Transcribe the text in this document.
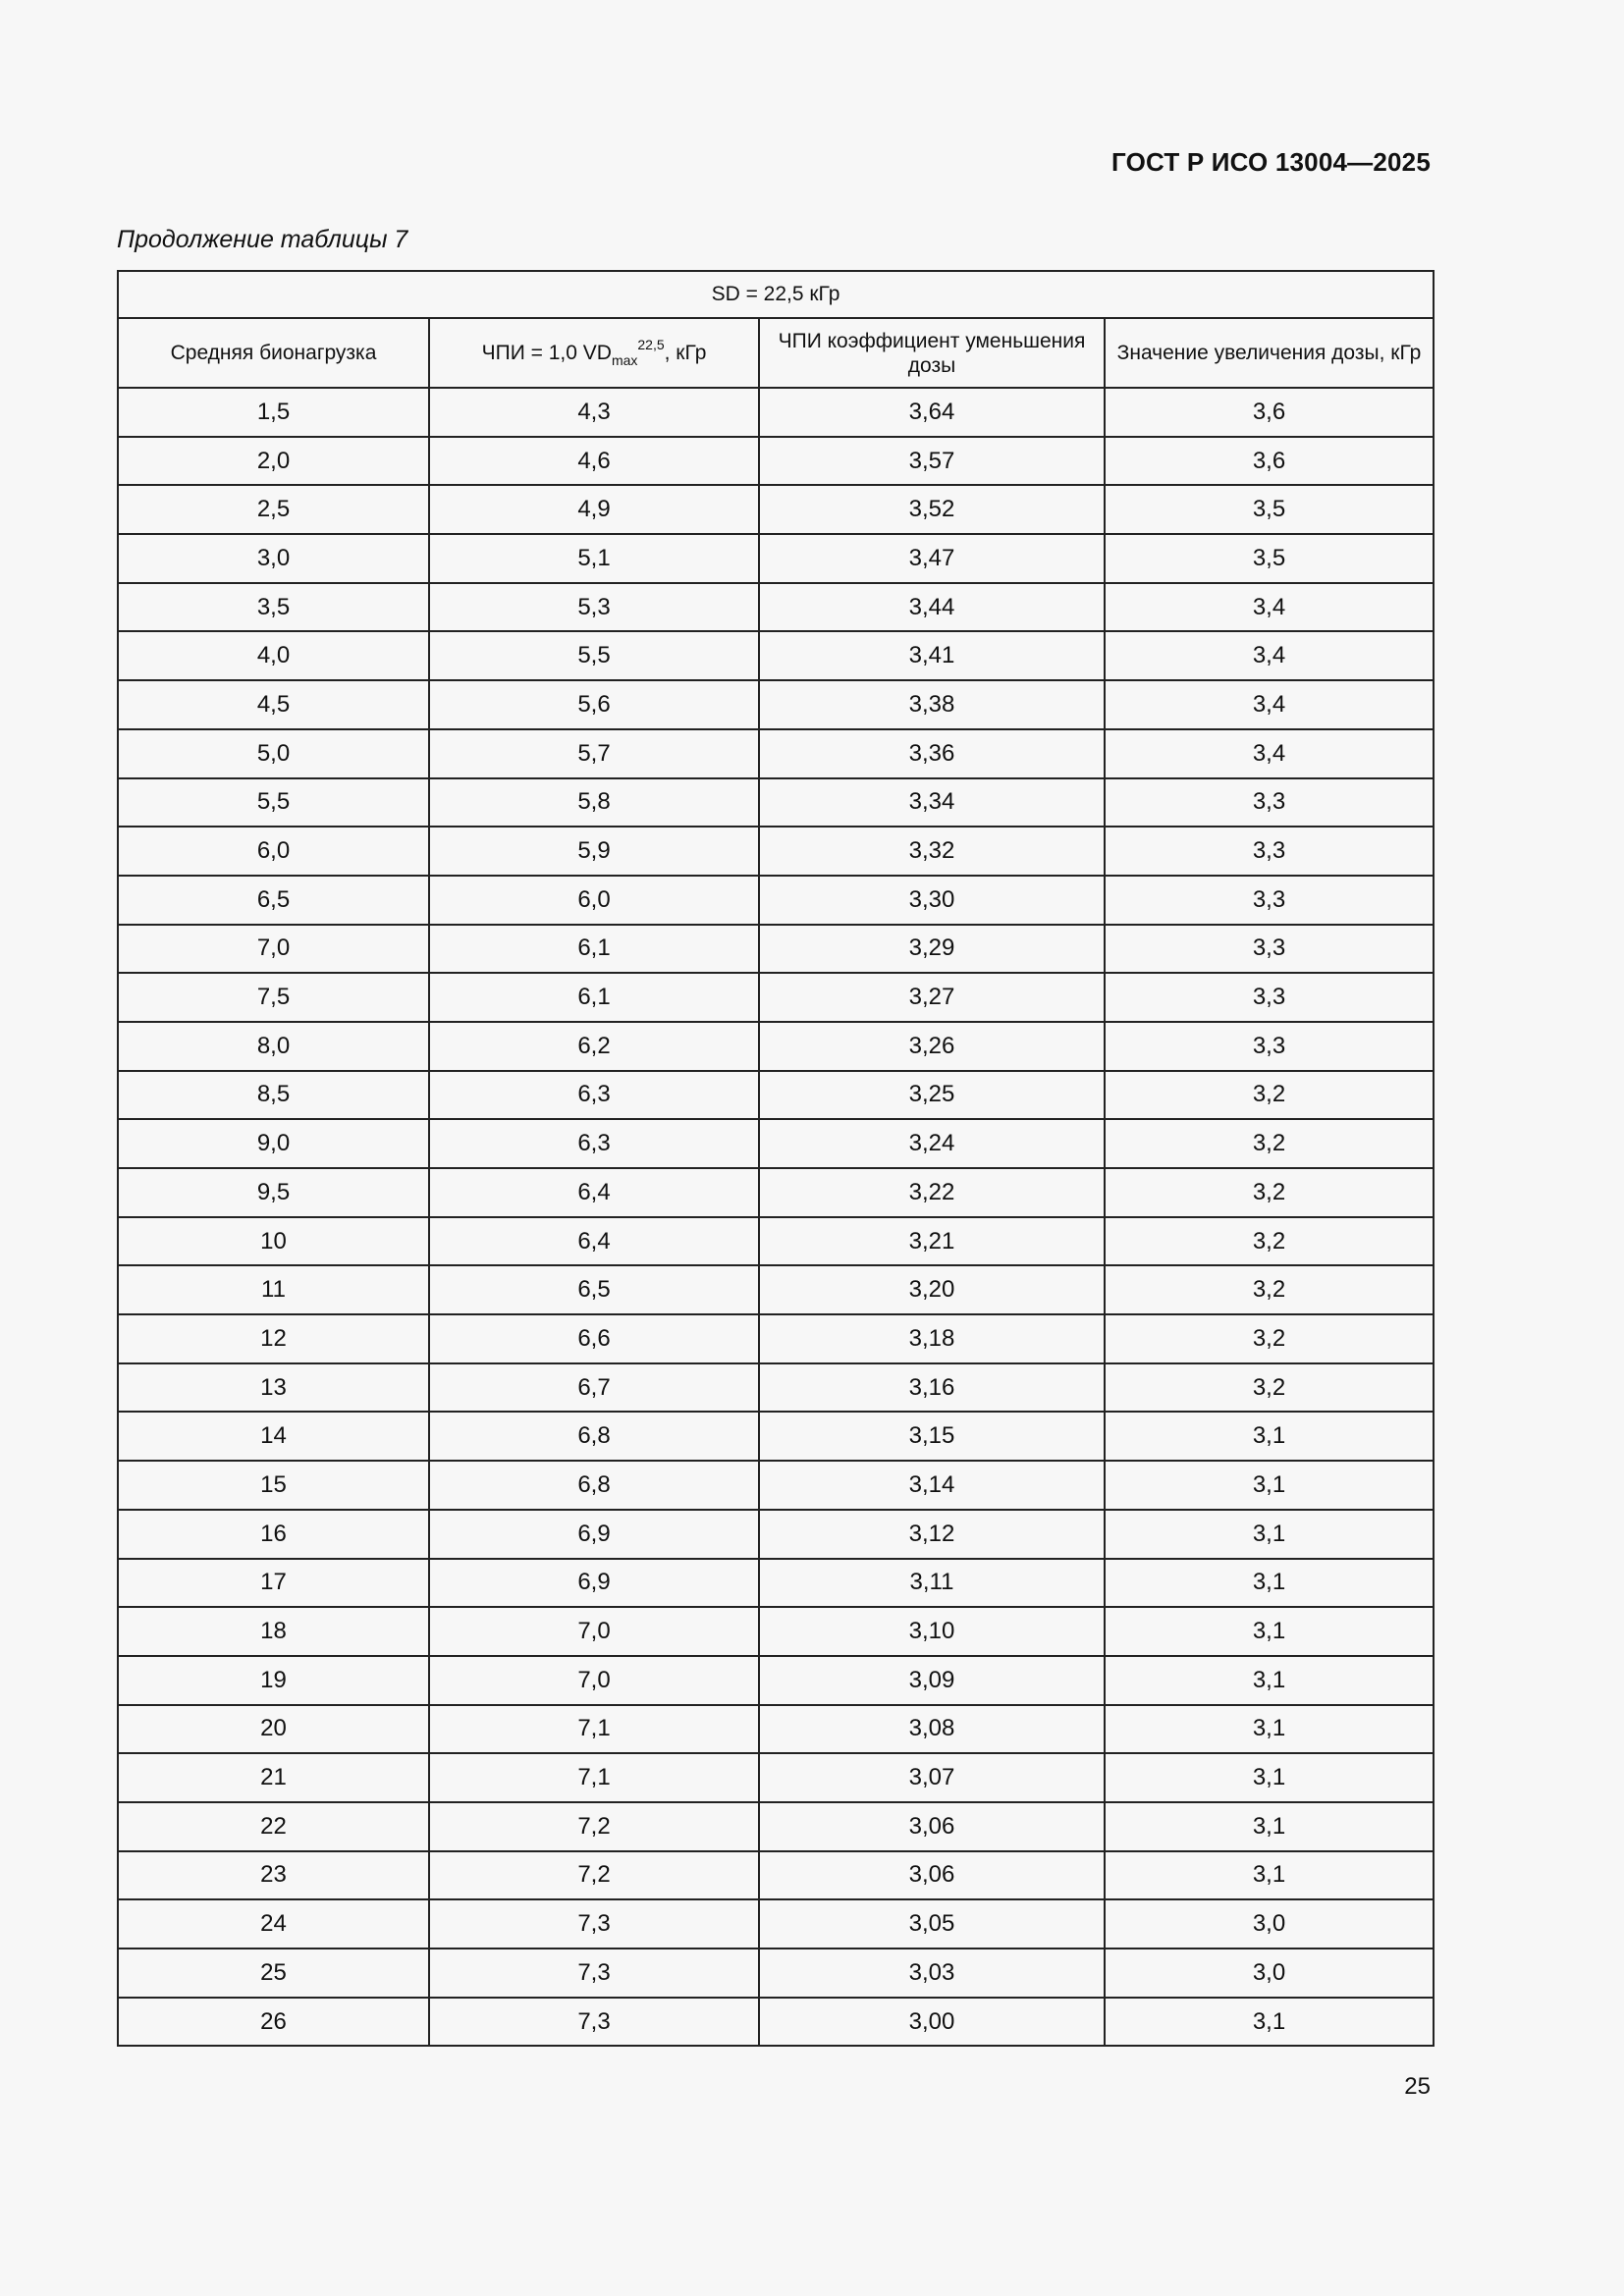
ГОСТ Р ИСО 13004—2025
Продолжение таблицы 7
SD = 22,5 кГр			
Средняя бионагрузка	ЧПИ = 1,0 $VD_{max}^{22,5}$, кГр	ЧПИ коэффициент уменьшения дозы	Значение увеличения дозы, кГр
1,5	4,3	3,64	3,6
2,0	4,6	3,57	3,6
2,5	4,9	3,52	3,5
3,0	5,1	3,47	3,5
3,5	5,3	3,44	3,4
4,0	5,5	3,41	3,4
4,5	5,6	3,38	3,4
5,0	5,7	3,36	3,4
5,5	5,8	3,34	3,3
6,0	5,9	3,32	3,3
6,5	6,0	3,30	3,3
7,0	6,1	3,29	3,3
7,5	6,1	3,27	3,3
8,0	6,2	3,26	3,3
8,5	6,3	3,25	3,2
9,0	6,3	3,24	3,2
9,5	6,4	3,22	3,2
10	6,4	3,21	3,2
11	6,5	3,20	3,2
12	6,6	3,18	3,2
13	6,7	3,16	3,2
14	6,8	3,15	3,1
15	6,8	3,14	3,1
16	6,9	3,12	3,1
17	6,9	3,11	3,1
18	7,0	3,10	3,1
19	7,0	3,09	3,1
20	7,1	3,08	3,1
21	7,1	3,07	3,1
22	7,2	3,06	3,1
23	7,2	3,06	3,1
24	7,3	3,05	3,0
25	7,3	3,03	3,0
26	7,3	3,00	3,1
25
